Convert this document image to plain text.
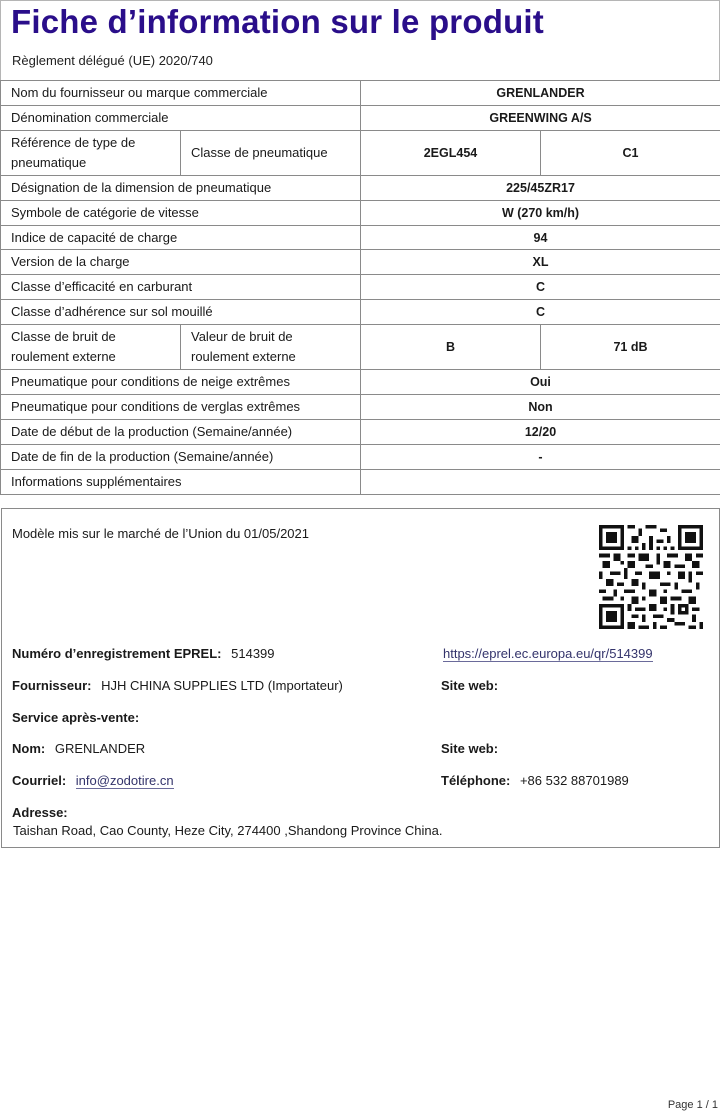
Fiche d’information sur le produit
Règlement délégué (UE) 2020/740
Nom du fournisseur ou marque commerciale		GRENLANDER	
Dénomination commerciale		GREENWING A/S	
Référence de type de pneumatique	Classe de pneumatique	2EGL454	C1
Désignation de la dimension de pneumatique		225/45ZR17	
Symbole de catégorie de vitesse		W (270 km/h)	
Indice de capacité de charge		94	
Version de la charge		XL	
Classe d’efficacité en carburant		C	
Classe d’adhérence sur sol mouillé		C	
Classe de bruit de roulement externe	Valeur de bruit de roulement externe	B	71 dB
Pneumatique pour conditions de neige extrêmes		Oui	
Pneumatique pour conditions de verglas extrêmes		Non	
Date de début de la production (Semaine/année)		12/20	
Date de fin de la production (Semaine/année)		-	
Informations supplémentaires			
Modèle mis sur le marché de l’Union du 01/05/2021
Numéro d’enregistrement EPREL: 514399	https://eprel.ec.europa.eu/qr/514399
Fournisseur: HJH CHINA SUPPLIES LTD (Importateur)	Site web:
Service après-vente:
Nom: GRENLANDER	Site web:
Courriel: info@zodotire.cn	Téléphone: +86 532 88701989
Adresse:
Taishan Road, Cao County, Heze City, 274400 ,Shandong Province China.
Page 1 / 1
